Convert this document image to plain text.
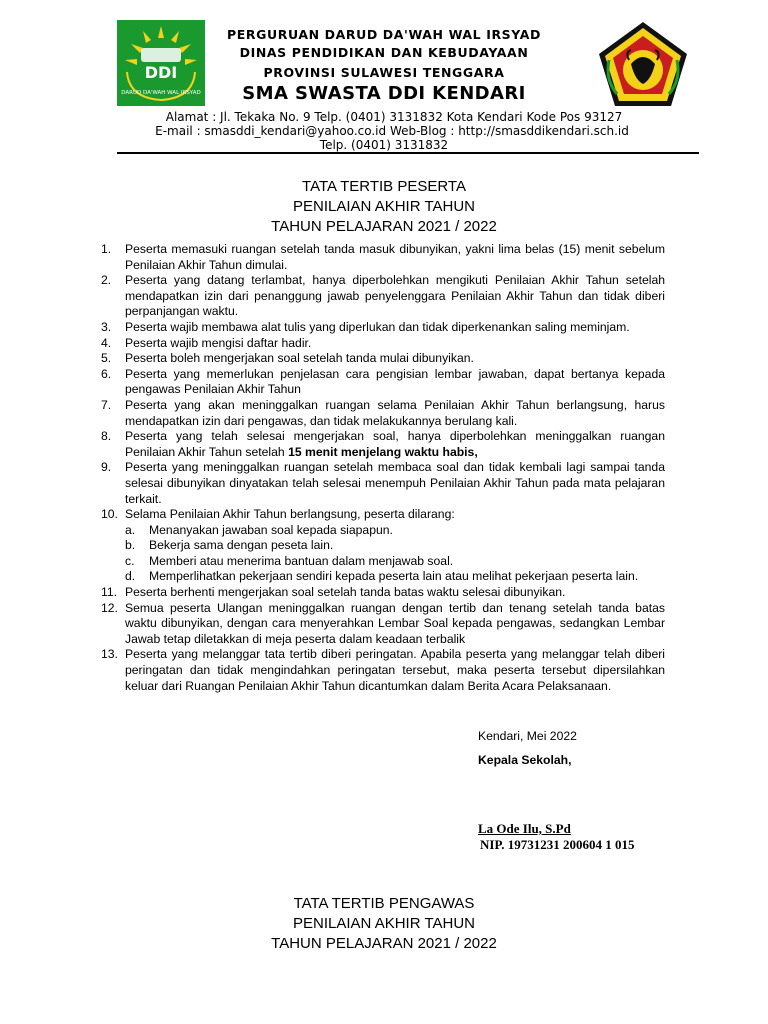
DDI
DARUD DA'WAH WAL IRSYAD
PERGURUAN DARUD DA'WAH WAL IRSYAD
DINAS PENDIDIKAN DAN KEBUDAYAAN
PROVINSI SULAWESI TENGGARA
SMA SWASTA DDI KENDARI
Alamat : Jl. Tekaka No. 9 Telp. (0401) 3131832 Kota Kendari Kode Pos 93127
E-mail : smasddi_kendari@yahoo.co.id Web-Blog : http://smasddikendari.sch.id
Telp. (0401) 3131832
TATA TERTIB PESERTA
PENILAIAN AKHIR TAHUN
TAHUN PELAJARAN 2021 / 2022
1.	Peserta memasuki ruangan setelah tanda masuk dibunyikan, yakni lima belas (15) menit sebelum Penilaian Akhir Tahun dimulai.
2.	Peserta yang datang terlambat, hanya diperbolehkan mengikuti Penilaian Akhir Tahun setelah mendapatkan izin dari penanggung jawab penyelenggara Penilaian Akhir Tahun dan tidak diberi perpanjangan waktu.
3.	Peserta wajib membawa alat tulis yang diperlukan dan tidak diperkenankan saling meminjam.
4.	Peserta wajib mengisi daftar hadir.
5.	Peserta boleh mengerjakan soal setelah tanda mulai dibunyikan.
6.	Peserta yang memerlukan penjelasan cara pengisian lembar jawaban, dapat bertanya kepada pengawas Penilaian Akhir Tahun
7.	Peserta yang akan meninggalkan ruangan selama Penilaian Akhir Tahun berlangsung, harus mendapatkan izin dari pengawas, dan tidak melakukannya berulang kali.
8.	Peserta yang telah selesai mengerjakan soal, hanya diperbolehkan meninggalkan ruangan Penilaian Akhir Tahun setelah 15 menit menjelang waktu habis,
9.	Peserta yang meninggalkan ruangan setelah membaca soal dan tidak kembali lagi sampai tanda selesai dibunyikan dinyatakan telah selesai menempuh Penilaian Akhir Tahun pada mata pelajaran terkait.
10. Selama Penilaian Akhir Tahun berlangsung, peserta dilarang:
a. Menanyakan jawaban soal kepada siapapun.
b. Bekerja sama dengan peseta lain.
c. Memberi atau menerima bantuan dalam menjawab soal.
d. Memperlihatkan pekerjaan sendiri kepada peserta lain atau melihat pekerjaan peserta lain.
11. Peserta berhenti mengerjakan soal setelah tanda batas waktu selesai dibunyikan.
12. Semua peserta Ulangan meninggalkan ruangan dengan tertib dan tenang setelah tanda batas waktu dibunyikan, dengan cara menyerahkan Lembar Soal kepada pengawas, sedangkan Lembar Jawab tetap diletakkan di meja peserta dalam keadaan terbalik
13. Peserta yang melanggar tata tertib diberi peringatan. Apabila peserta yang melanggar telah diberi peringatan dan tidak mengindahkan peringatan tersebut, maka peserta tersebut dipersilahkan keluar dari Ruangan Penilaian Akhir Tahun dicantumkan dalam Berita Acara Pelaksanaan.
Kendari, Mei 2022
Kepala Sekolah,
La Ode Ilu, S.Pd
NIP. 19731231 200604 1 015
TATA TERTIB PENGAWAS
PENILAIAN AKHIR TAHUN
TAHUN PELAJARAN 2021 / 2022
